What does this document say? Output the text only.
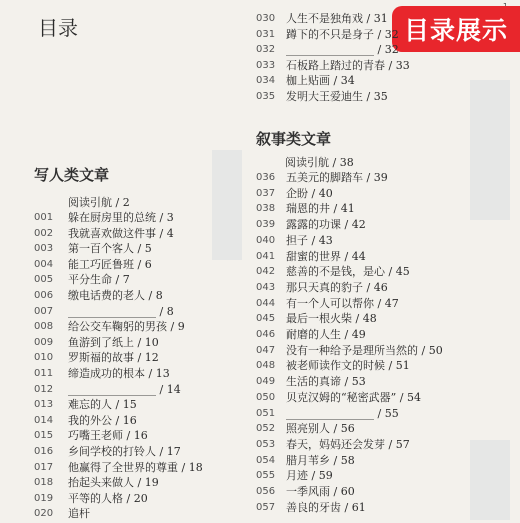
目录	目录展示
写人类文章
阅读引航 / 2
001	躲在厨房里的总统 / 3
002	我就喜欢做这件事 / 4
003	第一百个客人 / 5
004	能工巧匠鲁班 / 6
005	平分生命 / 7
006	缴电话费的老人 / 8
007	________________ / 8
008	给公交车鞠躬的男孩 / 9
009	鱼游到了纸上 / 10
010	罗斯福的故事 / 12
011	缔造成功的根本 / 13
012	________________ / 14
013	难忘的人 / 15
014	我的外公 / 16
015	巧嘴王老师 / 16
016	乡间学校的打铃人 / 17
017	他赢得了全世界的尊重 / 18
018	抬起头来做人 / 19
019	平等的人格 / 20
020	追杆
030 人生不是独角戏 / 31
031 蹲下的不只是身子 / 32
032 ________________ / 32
033 石板路上踏过的青春 / 33
034 枷上贴画 / 34
035 发明大王爱迪生 / 35
叙事类文章
阅读引航 / 38
036 五美元的脚踏车 / 39
037 企盼 / 40
038 瑞恩的井 / 41
039 露露的功课 / 42
040 担子 / 43
041 甜蜜的世界 / 44
042 慈善的不是钱，是心 / 45
043 那只天真的豹子 / 46
044 有一个人可以帮你 / 47
045 最后一根火柴 / 48
046 耐磨的人生 / 49
047 没有一种给予是理所当然的 / 50
048 被老师读作文的时候 / 51
049 生活的真谛 / 53
050 贝克汉姆的“秘密武器” / 54
051 ________________ / 55
052 照亮别人 / 56
053 春天，妈妈还会发芽 / 57
054 腊月苇乡 / 58
055 月迹 / 59
056 一季风雨 / 60
057 善良的牙齿 / 61
